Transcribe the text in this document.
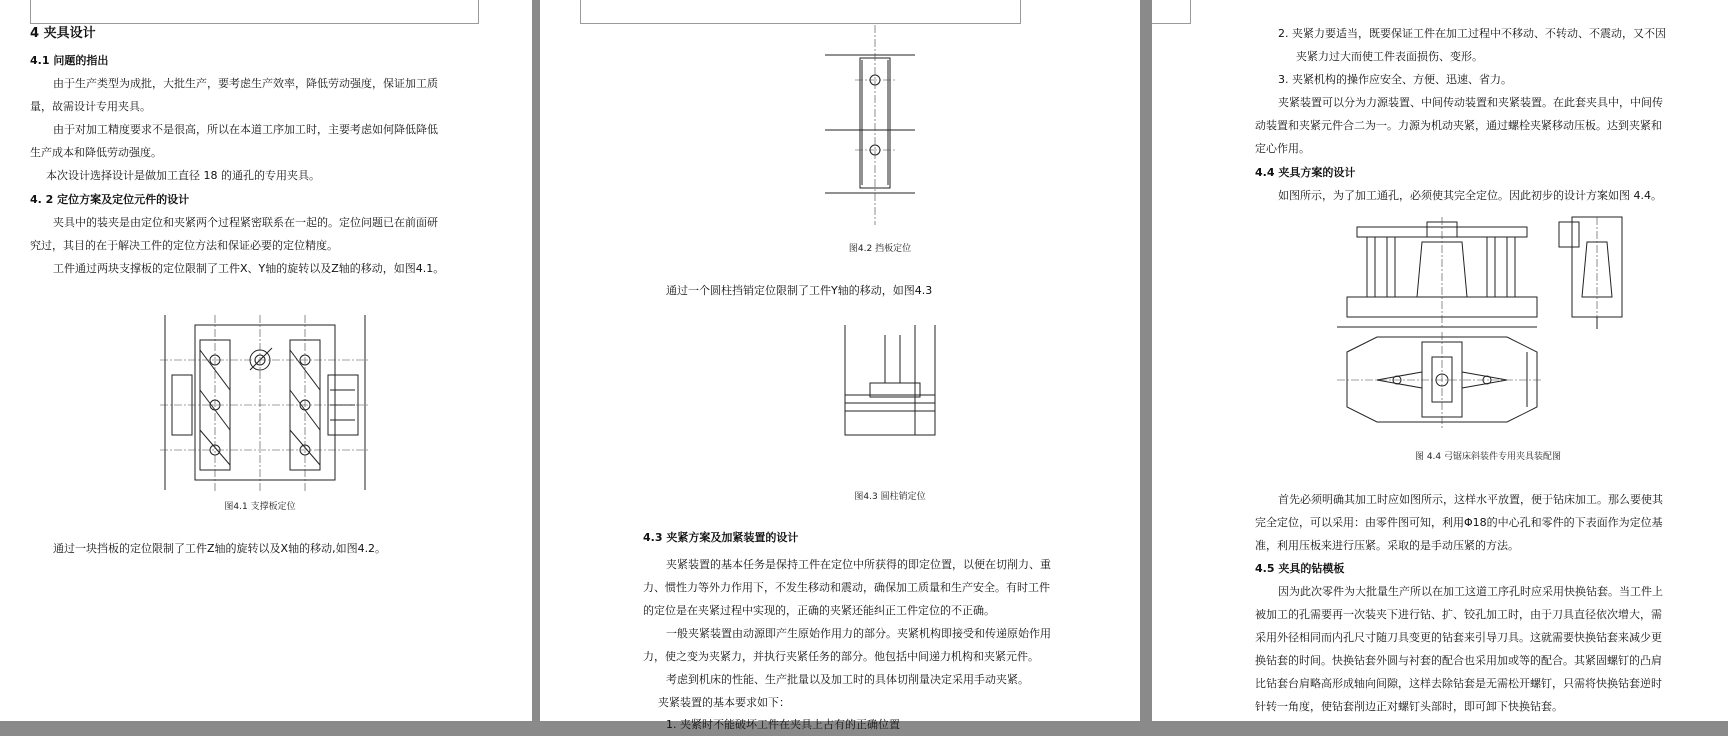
4 夹具设计
4.1 问题的指出
由于生产类型为成批，大批生产，要考虑生产效率，降低劳动强度，保证加工质
量，故需设计专用夹具。
由于对加工精度要求不是很高，所以在本道工序加工时，主要考虑如何降低降低
生产成本和降低劳动强度。
本次设计选择设计是做加工直径 18 的通孔的专用夹具。
4. 2 定位方案及定位元件的设计
夹具中的装夹是由定位和夹紧两个过程紧密联系在一起的。定位问题已在前面研
究过，其目的在于解决工件的定位方法和保证必要的定位精度。
工件通过两块支撑板的定位限制了工件X、Y轴的旋转以及Z轴的移动，如图4.1。
图4.1 支撑板定位
通过一块挡板的定位限制了工件Z轴的旋转以及X轴的移动,如图4.2。
图4.2 挡板定位
通过一个圆柱挡销定位限制了工件Y轴的移动，如图4.3
图4.3 圆柱销定位
4.3 夹紧方案及加紧装置的设计
夹紧装置的基本任务是保持工件在定位中所获得的即定位置，以便在切削力、重
力、惯性力等外力作用下，不发生移动和震动，确保加工质量和生产安全。有时工件
的定位是在夹紧过程中实现的，正确的夹紧还能纠正工件定位的不正确。
一般夹紧装置由动源即产生原始作用力的部分。夹紧机构即接受和传递原始作用
力，使之变为夹紧力，并执行夹紧任务的部分。他包括中间递力机构和夹紧元件。
考虑到机床的性能、生产批量以及加工时的具体切削量决定采用手动夹紧。
夹紧装置的基本要求如下：
1. 夹紧时不能破坏工件在夹具上占有的正确位置
2. 夹紧力要适当，既要保证工件在加工过程中不移动、不转动、不震动，又不因
夹紧力过大而使工件表面损伤、变形。
3. 夹紧机构的操作应安全、方便、迅速、省力。
夹紧装置可以分为力源装置、中间传动装置和夹紧装置。在此套夹具中，中间传
动装置和夹紧元件合二为一。力源为机动夹紧，通过螺栓夹紧移动压板。达到夹紧和
定心作用。
4.4 夹具方案的设计
如图所示，为了加工通孔，必须使其完全定位。因此初步的设计方案如图 4.4。
图 4.4 弓锯床斜装件专用夹具装配图
首先必须明确其加工时应如图所示，这样水平放置，便于钻床加工。那么要使其
完全定位，可以采用：由零件图可知，利用Φ18的中心孔和零件的下表面作为定位基
准，利用压板来进行压紧。采取的是手动压紧的方法。
4.5 夹具的钻模板
因为此次零件为大批量生产所以在加工这道工序孔时应采用快换钻套。当工件上
被加工的孔需要再一次装夹下进行钻、扩、铰孔加工时，由于刀具直径依次增大，需
采用外径相同而内孔尺寸随刀具变更的钻套来引导刀具。这就需要快换钻套来减少更
换钻套的时间。快换钻套外圆与衬套的配合也采用加或等的配合。其紧固螺钉的凸肩
比钻套台肩略高形成轴向间隙，这样去除钻套是无需松开螺钉，只需将快换钻套逆时
针转一角度，使钻套削边正对螺钉头部时，即可卸下快换钻套。
